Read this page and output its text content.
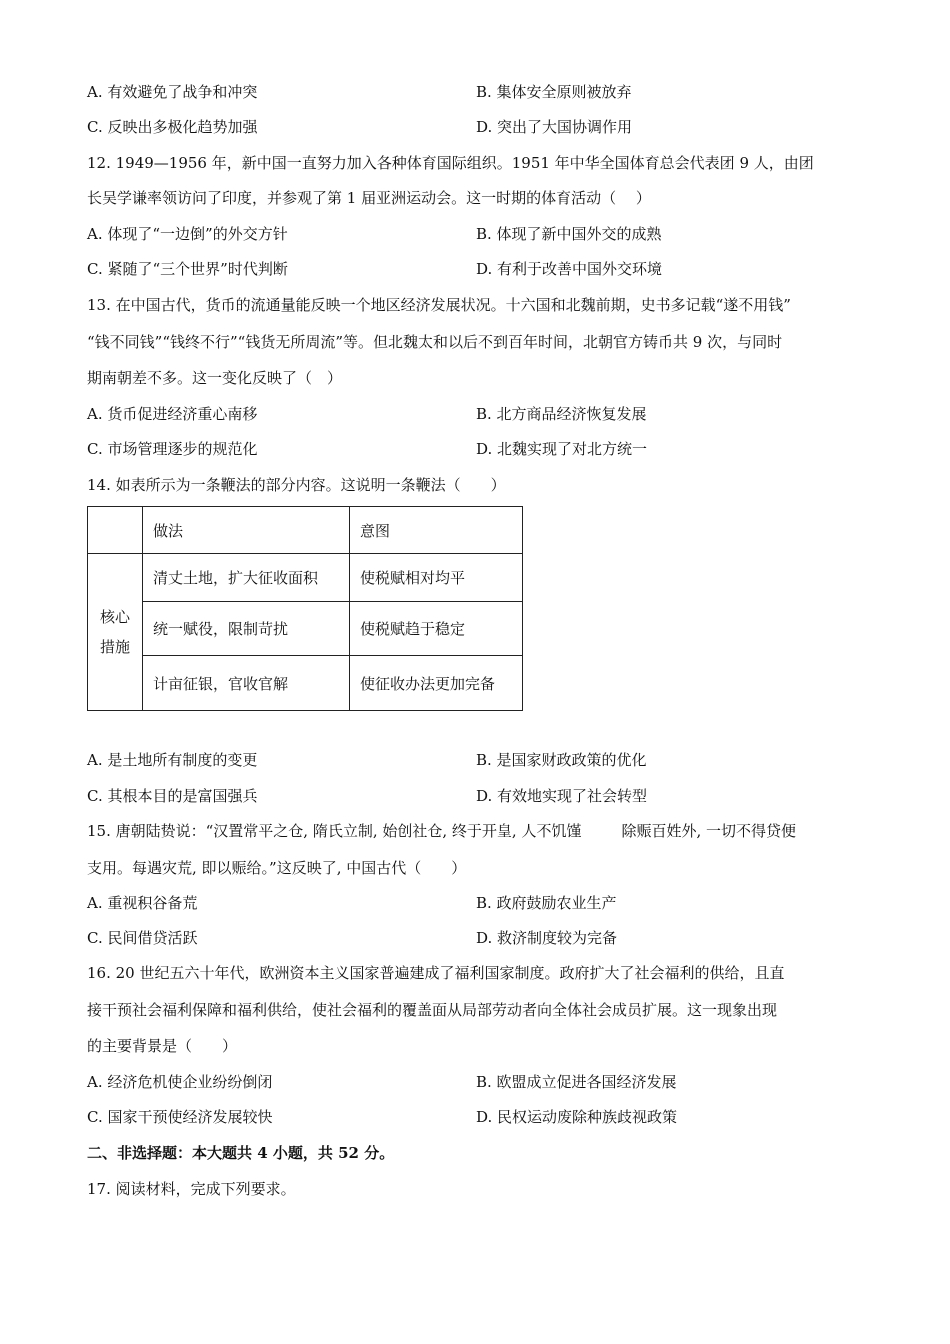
A. 有效避免了战争和冲突	B. 集体安全原则被放弃
C. 反映出多极化趋势加强	D. 突出了大国协调作用
12. 1949—1956 年，新中国一直努力加入各种体育国际组织。1951 年中华全国体育总会代表团 9 人，由团
长吴学谦率领访问了印度，并参观了第 1 届亚洲运动会。这一时期的体育活动（　 ）
A. 体现了“一边倒”的外交方针	B. 体现了新中国外交的成熟
C. 紧随了“三个世界”时代判断	D. 有利于改善中国外交环境
13. 在中国古代，货币的流通量能反映一个地区经济发展状况。十六国和北魏前期，史书多记载“遂不用钱”
“钱不同钱”“钱终不行”“钱货无所周流”等。但北魏太和以后不到百年时间，北朝官方铸币共 9 次，与同时
期南朝差不多。这一变化反映了（　）
A. 货币促进经济重心南移	B. 北方商品经济恢复发展
C. 市场管理逐步的规范化	D. 北魏实现了对北方统一
14. 如表所示为一条鞭法的部分内容。这说明一条鞭法（　　）
	做法	意图
核心
措施	清丈土地，扩大征收面积	使税赋相对均平
	统一赋役，限制苛扰	使税赋趋于稳定
	计亩征银，官收官解	使征收办法更加完备
A. 是土地所有制度的变更	B. 是国家财政政策的优化
C. 其根本目的是富国强兵	D. 有效地实现了社会转型
15. 唐朝陆贽说：“汉置常平之仓, 隋氏立制, 始创社仓, 终于开皇, 人不饥馑	除赈百姓外, 一切不得贷便
支用。每遇灾荒, 即以赈给。”这反映了, 中国古代（　　）
A. 重视积谷备荒	B. 政府鼓励农业生产
C. 民间借贷活跃	D. 救济制度较为完备
16. 20 世纪五六十年代，欧洲资本主义国家普遍建成了福利国家制度。政府扩大了社会福利的供给，且直
接干预社会福利保障和福利供给，使社会福利的覆盖面从局部劳动者向全体社会成员扩展。这一现象出现
的主要背景是（　　）
A. 经济危机使企业纷纷倒闭	B. 欧盟成立促进各国经济发展
C. 国家干预使经济发展较快	D. 民权运动废除种族歧视政策
二、非选择题：本大题共 4 小题，共 52 分。
17. 阅读材料，完成下列要求。
